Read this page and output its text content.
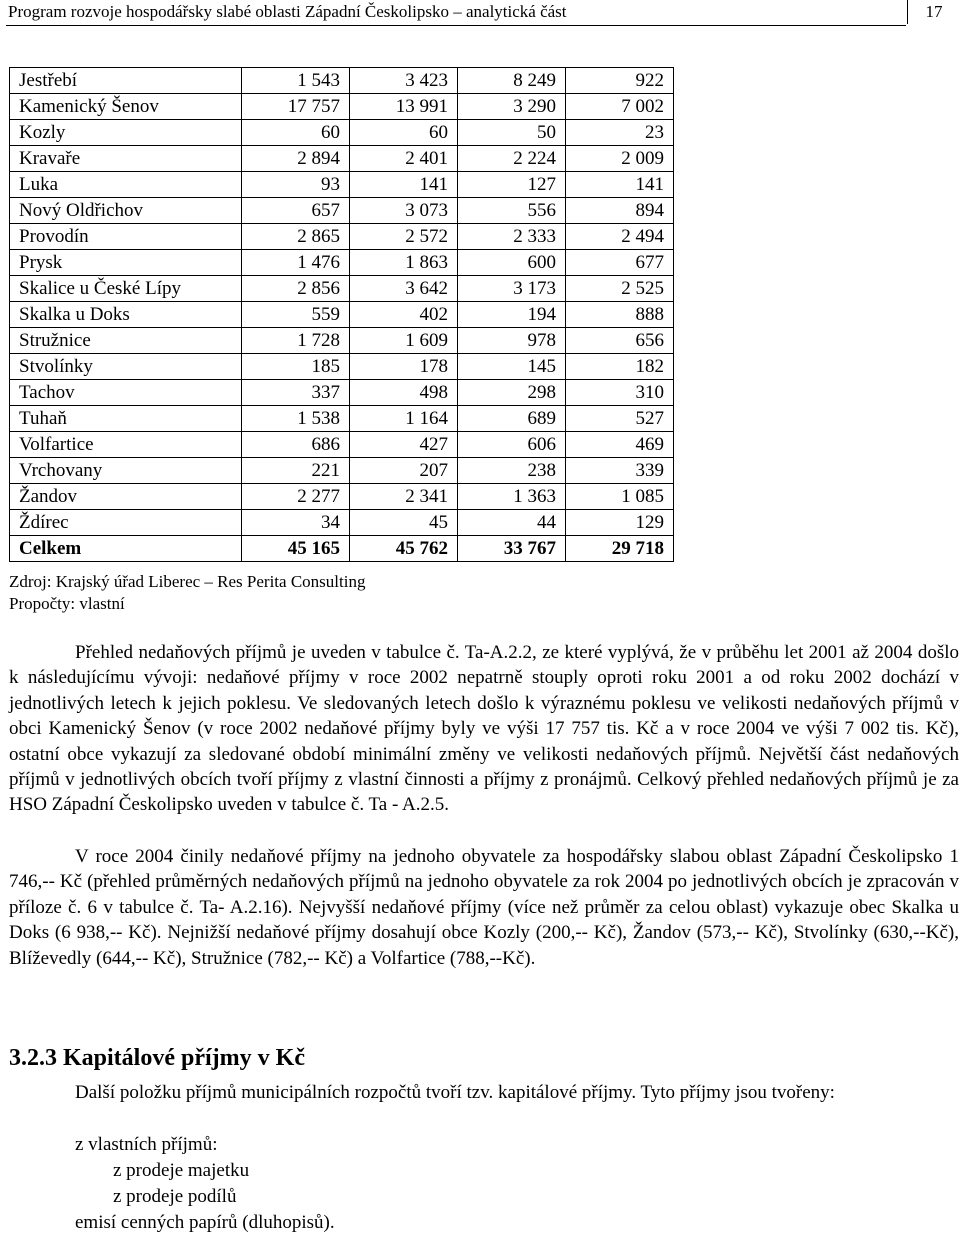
Program rozvoje hospodářsky slabé oblasti Západní Českolipsko – analytická část	17
Jestřebí	1 543	3 423	8 249	922
Kamenický Šenov	17 757	13 991	3 290	7 002
Kozly	60	60	50	23
Kravaře	2 894	2 401	2 224	2 009
Luka	93	141	127	141
Nový Oldřichov	657	3 073	556	894
Provodín	2 865	2 572	2 333	2 494
Prysk	1 476	1 863	600	677
Skalice u České Lípy	2 856	3 642	3 173	2 525
Skalka u Doks	559	402	194	888
Stružnice	1 728	1 609	978	656
Stvolínky	185	178	145	182
Tachov	337	498	298	310
Tuhaň	1 538	1 164	689	527
Volfartice	686	427	606	469
Vrchovany	221	207	238	339
Žandov	2 277	2 341	1 363	1 085
Ždírec	34	45	44	129
Celkem	45 165	45 762	33 767	29 718
Zdroj: Krajský úřad Liberec – Res Perita Consulting
Propočty: vlastní

Přehled nedaňových příjmů je uveden v tabulce č. Ta-A.2.2, ze které vyplývá, že v průběhu let 2001 až 2004 došlo k následujícímu vývoji: nedaňové příjmy v roce 2002 nepatrně stouply oproti roku 2001 a od roku 2002 dochází v jednotlivých letech k jejich poklesu. Ve sledovaných letech došlo k výraznému poklesu ve velikosti nedaňových příjmů v obci Kamenický Šenov (v roce 2002 nedaňové příjmy byly ve výši 17 757 tis. Kč a v roce 2004 ve výši 7 002 tis. Kč), ostatní obce vykazují za sledované období minimální změny ve velikosti nedaňových příjmů. Největší část nedaňových příjmů v jednotlivých obcích tvoří příjmy z vlastní činnosti a příjmy z pronájmů. Celkový přehled nedaňových příjmů je za HSO Západní Českolipsko uveden v tabulce č. Ta - A.2.5.

V roce 2004 činily nedaňové příjmy na jednoho obyvatele za hospodářsky slabou oblast Západní Českolipsko 1 746,-- Kč (přehled průměrných nedaňových příjmů na jednoho obyvatele za rok 2004 po jednotlivých obcích je zpracován v příloze č. 6 v tabulce č. Ta- A.2.16). Nejvyšší nedaňové příjmy (více než průměr za celou oblast) vykazuje obec Skalka u Doks (6 938,-- Kč). Nejnižší nedaňové příjmy dosahují obce Kozly (200,-- Kč), Žandov (573,-- Kč), Stvolínky (630,--Kč), Blíževedly (644,-- Kč), Stružnice (782,-- Kč) a Volfartice (788,--Kč).

3.2.3 Kapitálové příjmy v Kč

Další položku příjmů municipálních rozpočtů tvoří tzv. kapitálové příjmy. Tyto příjmy jsou tvořeny:

z vlastních příjmů:
z prodeje majetku
z prodeje podílů
emisí cenných papírů (dluhopisů).
